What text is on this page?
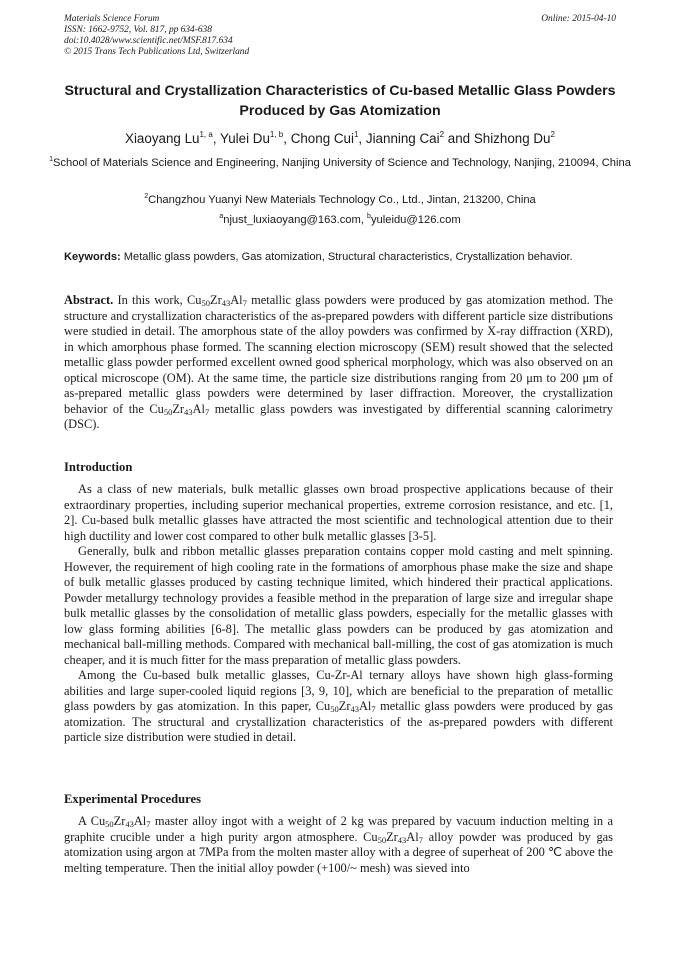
Materials Science Forum
ISSN: 1662-9752, Vol. 817, pp 634-638
doi:10.4028/www.scientific.net/MSF.817.634
© 2015 Trans Tech Publications Ltd, Switzerland
Online: 2015-04-10
Structural and Crystallization Characteristics of Cu-based Metallic Glass Powders Produced by Gas Atomization
Xiaoyang Lu$^{1, a}$, Yulei Du$^{1, b}$, Chong Cui$^1$, Jianning Cai$^2$ and Shizhong Du$^2$
$^1$School of Materials Science and Engineering, Nanjing University of Science and Technology, Nanjing, 210094, China
$^2$Changzhou Yuanyi New Materials Technology Co., Ltd., Jintan, 213200, China
$^a$njust_luxiaoyang@163.com, $^b$yuleidu@126.com
Keywords: Metallic glass powders, Gas atomization, Structural characteristics, Crystallization behavior.
Abstract. In this work, $Cu_{50}Zr_{43}Al_7$ metallic glass powders were produced by gas atomization method. The structure and crystallization characteristics of the as-prepared powders with different particle size distributions were studied in detail. The amorphous state of the alloy powders was confirmed by X-ray diffraction (XRD), in which amorphous phase formed. The scanning election microscopy (SEM) result showed that the selected metallic glass powder performed excellent owned good spherical morphology, which was also observed on an optical microscope (OM). At the same time, the particle size distributions ranging from 20 μm to 200 μm of as-prepared metallic glass powders were determined by laser diffraction. Moreover, the crystallization behavior of the $Cu_{50}Zr_{43}Al_7$ metallic glass powders was investigated by differential scanning calorimetry (DSC).
Introduction

As a class of new materials, bulk metallic glasses own broad prospective applications because of their extraordinary properties, including superior mechanical properties, extreme corrosion resistance, and etc. [1, 2]. Cu-based bulk metallic glasses have attracted the most scientific and technological attention due to their high ductility and lower cost compared to other bulk metallic glasses [3-5].

Generally, bulk and ribbon metallic glasses preparation contains copper mold casting and melt spinning. However, the requirement of high cooling rate in the formations of amorphous phase make the size and shape of bulk metallic glasses produced by casting technique limited, which hindered their practical applications. Powder metallurgy technology provides a feasible method in the preparation of large size and irregular shape bulk metallic glasses by the consolidation of metallic glass powders, especially for the metallic glasses with low glass forming abilities [6-8]. The metallic glass powders can be produced by gas atomization and mechanical ball-milling methods. Compared with mechanical ball-milling, the cost of gas atomization is much cheaper, and it is much fitter for the mass preparation of metallic glass powders.

Among the Cu-based bulk metallic glasses, Cu-Zr-Al ternary alloys have shown high glass-forming abilities and large super-cooled liquid regions [3, 9, 10], which are beneficial to the preparation of metallic glass powders by gas atomization. In this paper, $Cu_{50}Zr_{43}Al_7$ metallic glass powders were produced by gas atomization. The structural and crystallization characteristics of the as-prepared powders with different particle size distribution were studied in detail.

Experimental Procedures

A $Cu_{50}Zr_{43}Al_7$ master alloy ingot with a weight of 2 kg was prepared by vacuum induction melting in a graphite crucible under a high purity argon atmosphere. $Cu_{50}Zr_{43}Al_7$ alloy powder was produced by gas atomization using argon at 7MPa from the molten master alloy with a degree of superheat of 200 ℃ above the melting temperature. Then the initial alloy powder (+100/~ mesh) was sieved into
